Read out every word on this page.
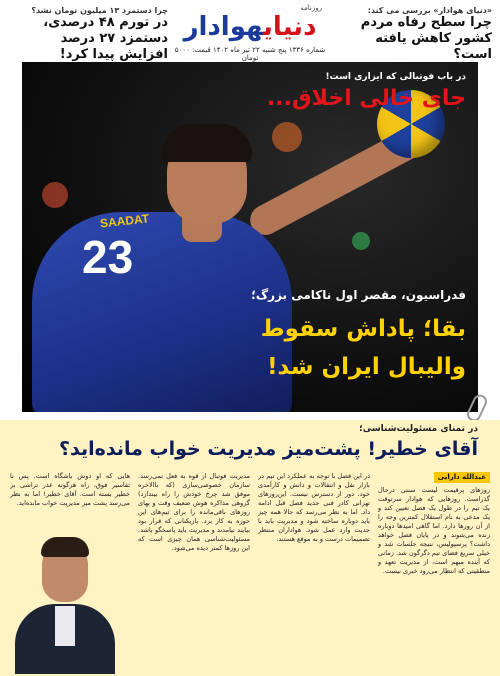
«دنیای هوادار» بررسی می کند:
چرا سطح رفاه مردم کشور کاهش یافته است؟
روزنامه
دنیایهوادار
شماره ۱۳۳۶ پنج شنبه ۲۲ تیر ماه ۱۴۰۲ قیمت: ۵۰۰۰ تومان
چرا دستمزد ۱۳ میلیون تومان نشد؟
در تورم ۴۸ درصدی، دستمزد ۲۷ درصد افزایش پیدا کرد!
SAADAT
23
در باب فوتبالی که ایزاری است!
جای خالی اخلاق...
فدراسیون، مقصر اول ناکامی بزرگ؛
بقا؛ پاداش سقوط
والیبال ایران شد!
در تمنای مسئولیت‌شناسی؛
آقای خطیر! پشت‌میز مدیریت خواب مانده‌اید؟
عبدالله دارایی
روزهای پرقیمت لیست سنتی درحال گذراست. روزهایی که هوادار سرتوقت یک تیم را در طول یک فصل تعیین کند و یک مدعی به نام استقلال کمترین وجه را از آن روزها دارد. اما گاهی امیدها دوباره زنده می‌شوند و در پایان فصل خواهد داشت؟ پرسپولیس، نتیجه جلسات شد و خیلی سریع فضای تیم دگرگون شد. زمانی که آینده مبهم است، از مدیریت تعهد و منطقیتی که انتظار می‌رود خبری نیست.
در این فصل با توجه به عملکرد این تیم در بازار نقل و انتقالات و دانش و کارآمدی خود، دور از دسترس نیست. این‌روزهای تهرانی کادر فنی جدید فصل قبل ادامه داد. اما به نظر می‌رسد که حالا همه چیز باید دوباره ساخته شود و مدیریت باید با جدیت وارد عمل شود. هواداران منتظر تصمیمات درست و به موقع هستند.
مدیریت فوتبال از قوه به فعل نمی‌رسد. سازمان خصوصی‌سازی (که باالاخره موفق شد چرخ خودش را راه بیندازد) گروهی مذاکره هوش ضعیف وقت و بهای روزهای باقی‌مانده را برای تیم‌های این حوزه به کار برد. بازیکنانی که قرار بود بیایند نیامدند و مدیریت باید پاسخگو باشد. مسئولیت‌شناسی همان چیزی است که این روزها کمتر دیده می‌شود.
هایی که او دوش باشگاه است. پس با تفاسیر فوق، راه هرگونه عذر تراشی بر خطیر بسته است. آقای خطیر! اما به نظر می‌رسد پشت میز مدیریت خواب مانده‌اید.
